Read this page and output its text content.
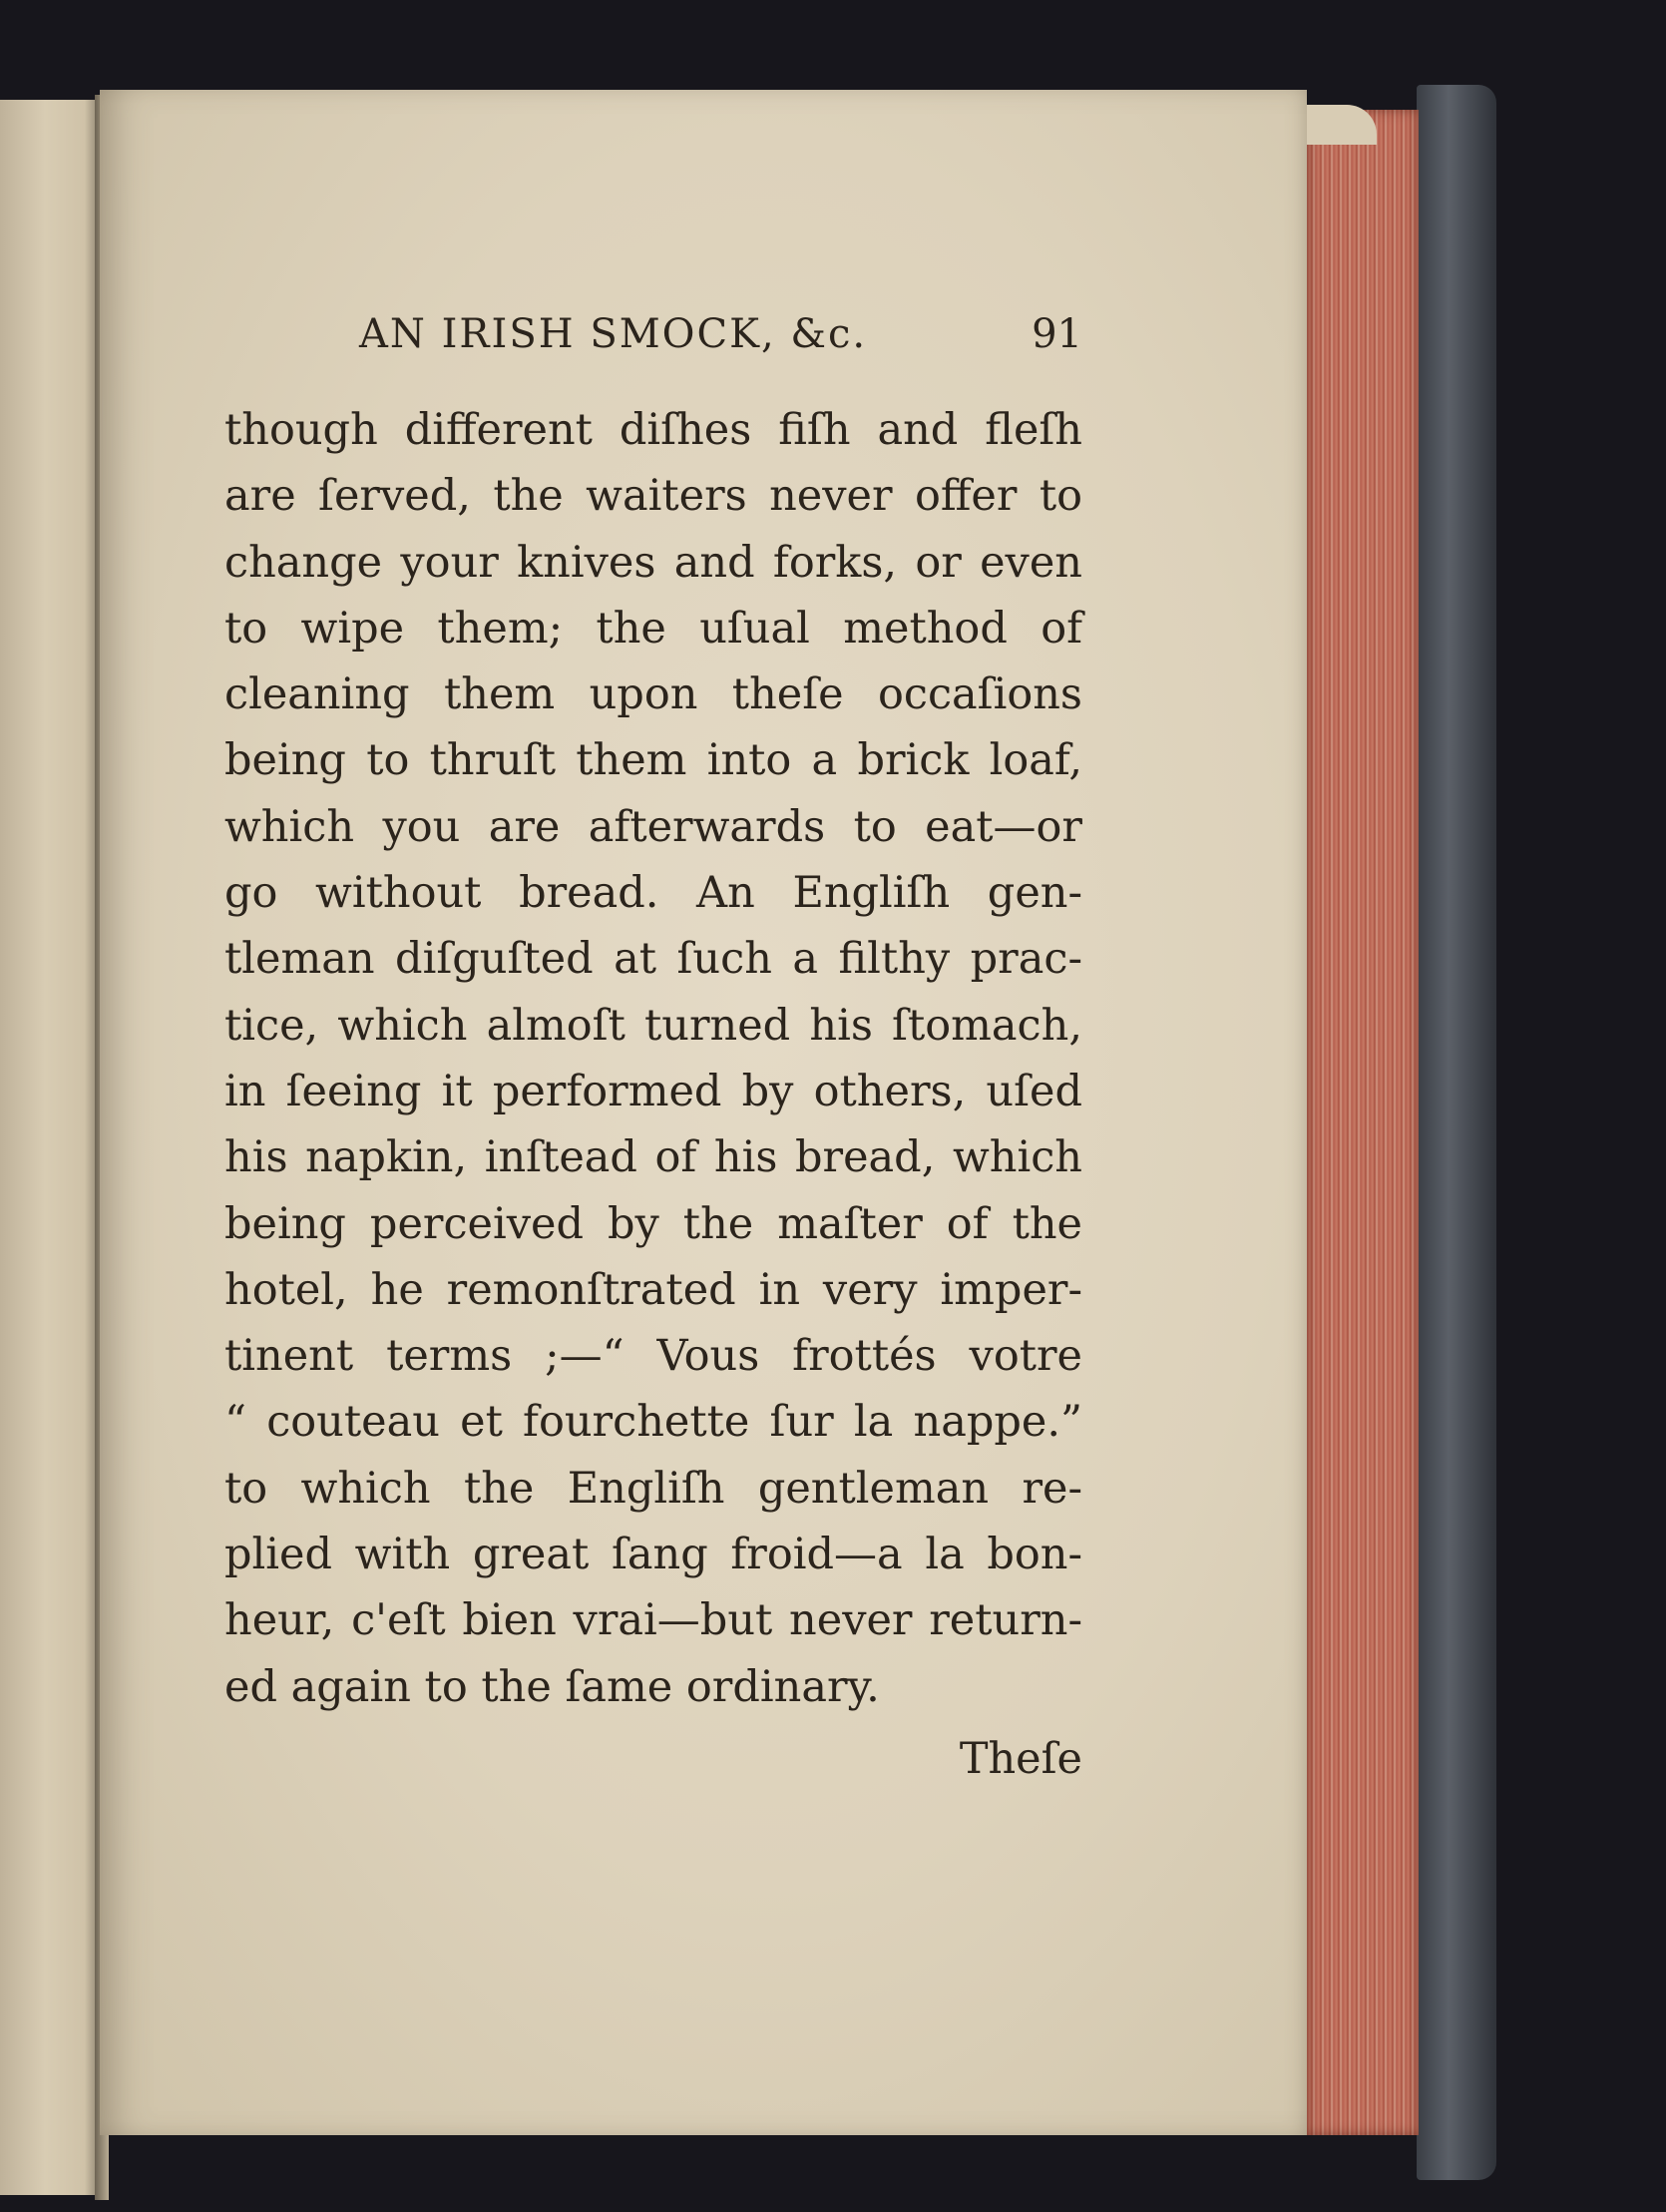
AN IRISH SMOCK, &c.	91
though different diſhes fiſh and fleſh
are ſerved, the waiters never offer to
change your knives and forks, or even
to wipe them; the uſual method of
cleaning them upon theſe occaſions
being to thruſt them into a brick loaf,
which you are afterwards to eat—or
go without bread. An Engliſh gen-
tleman diſguſted at ſuch a filthy prac-
tice, which almoſt turned his ſtomach,
in ſeeing it performed by others, uſed
his napkin, inſtead of his bread, which
being perceived by the maſter of the
hotel, he remonſtrated in very imper-
tinent terms ;—“ Vous frottés votre
“ couteau et fourchette ſur la nappe.”
to which the Engliſh gentleman re-
plied with great ſang froid—a la bon-
heur, c'eſt bien vrai—but never return-
ed again to the ſame ordinary.
Theſe
